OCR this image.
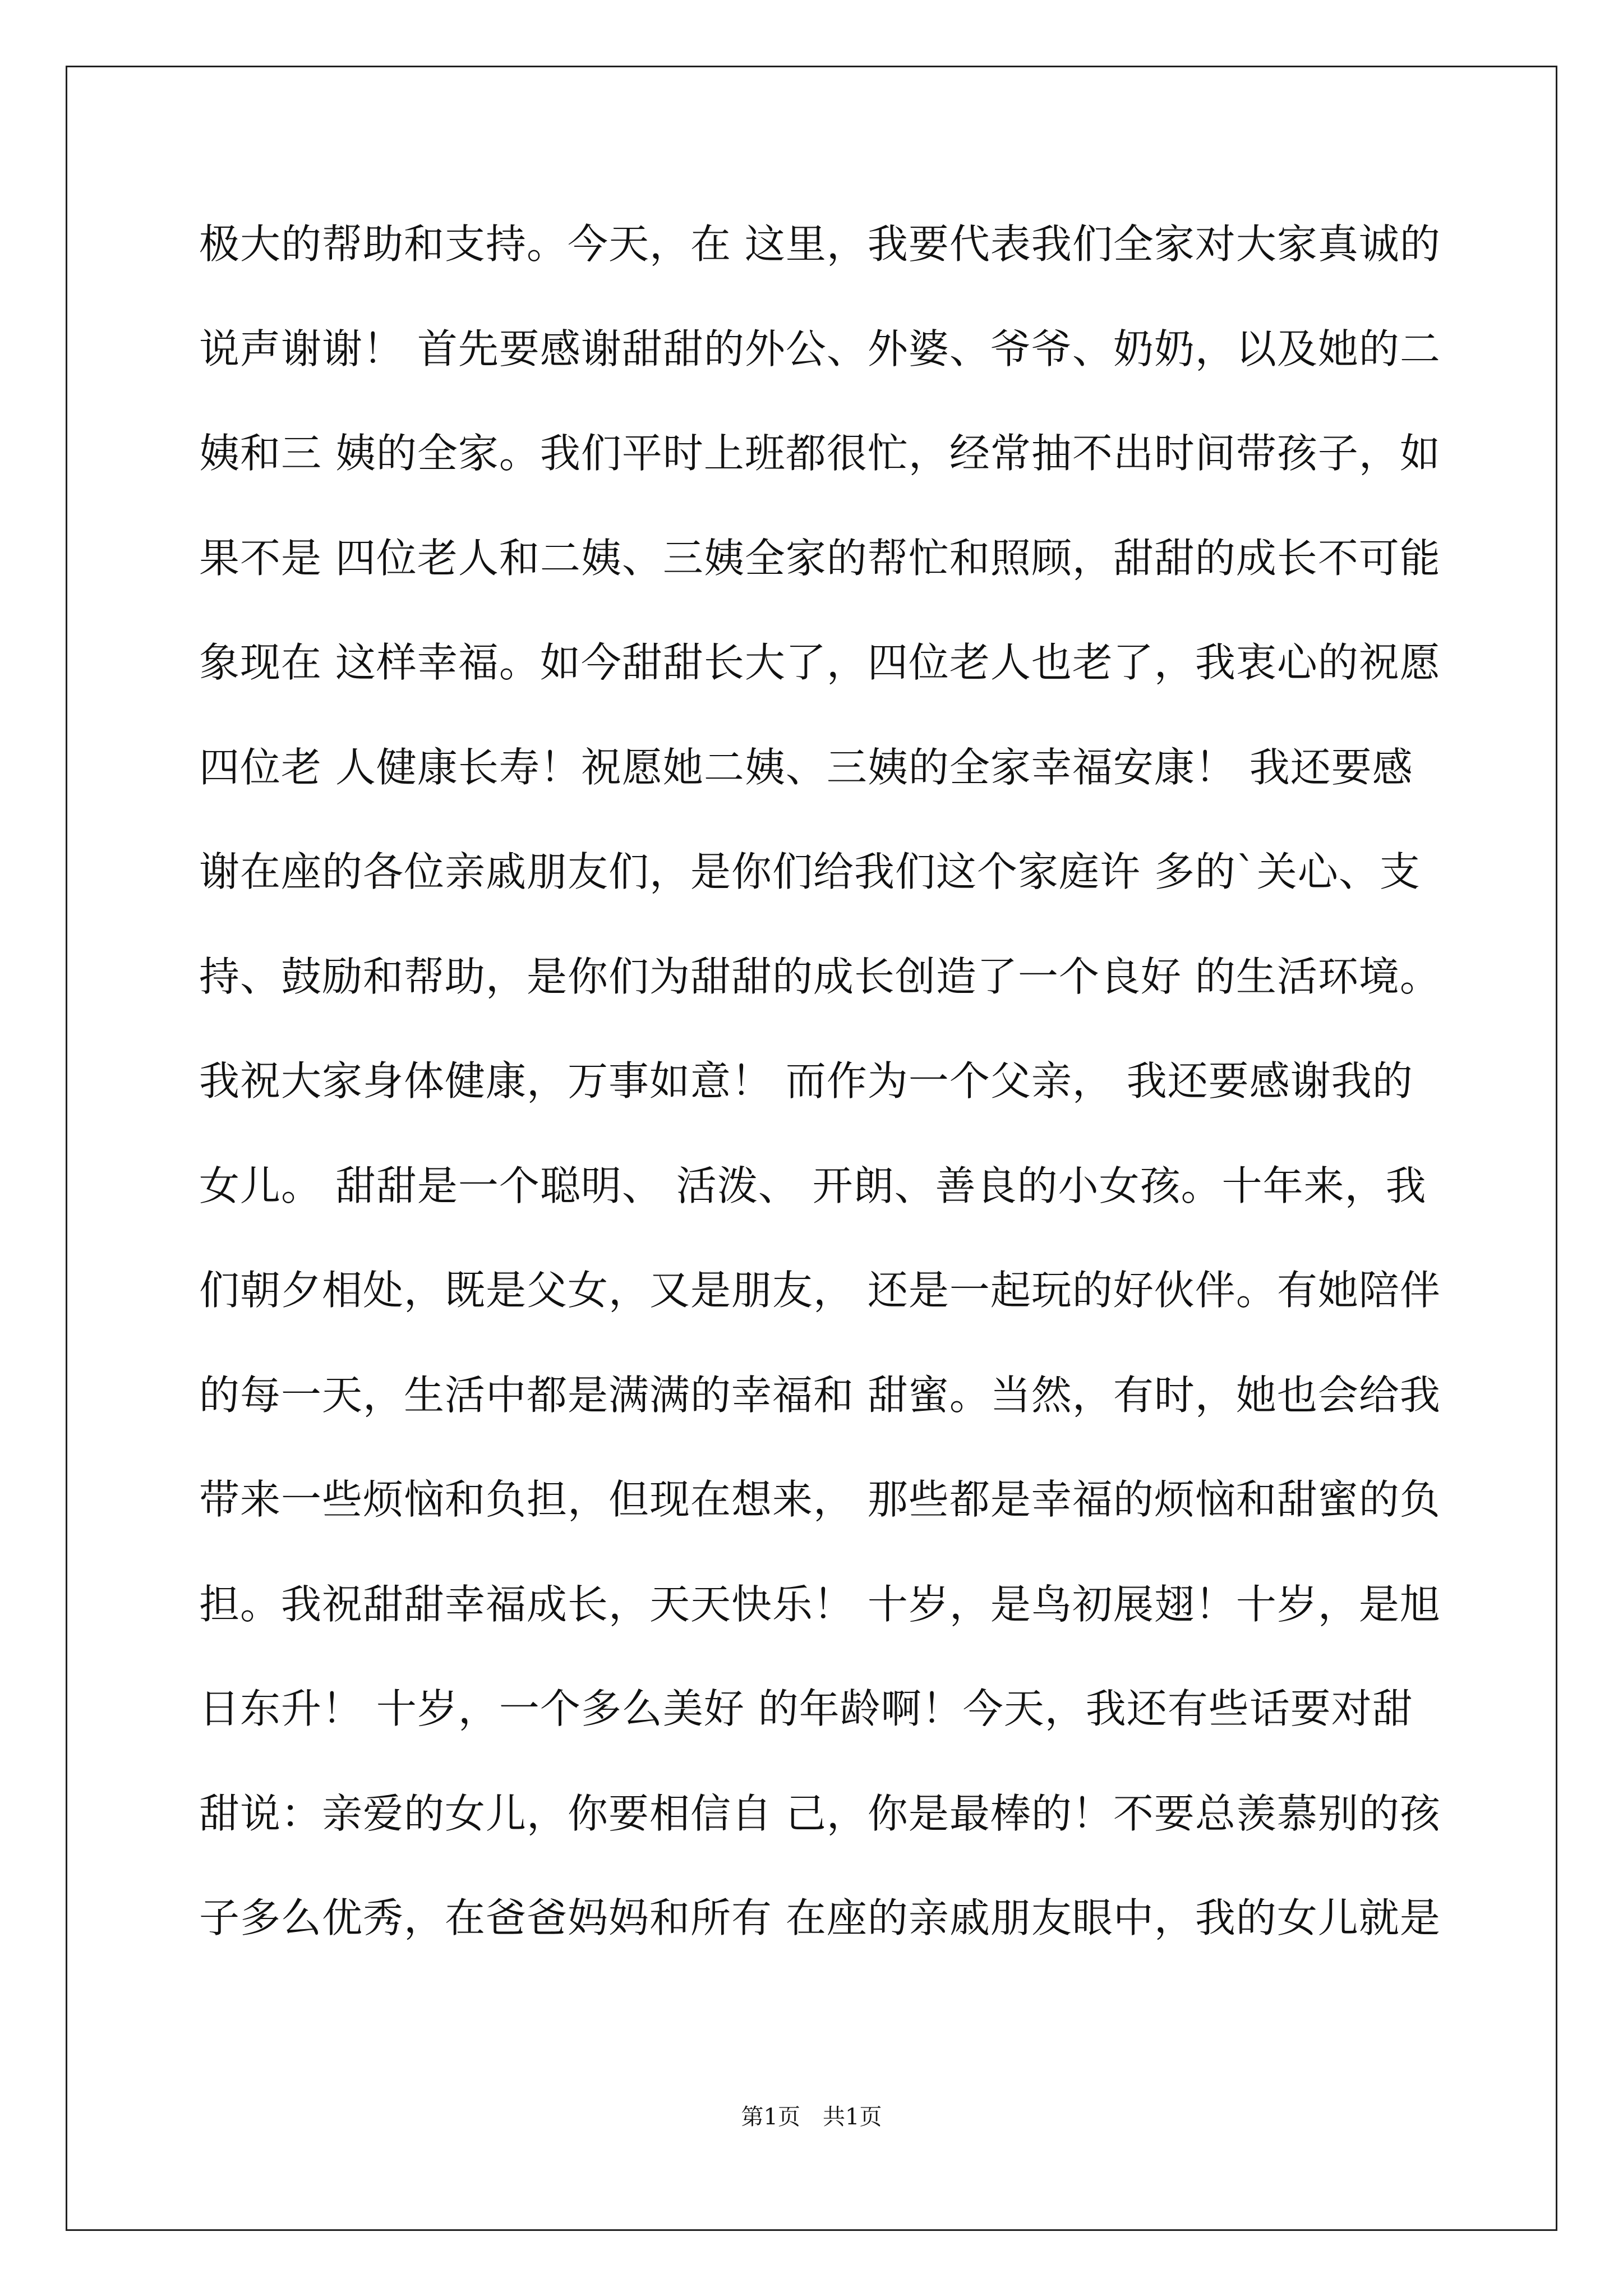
极大的帮助和支持。今天，在 这里，我要代表我们全家对大家真诚的
说声谢谢！ 首先要感谢甜甜的外公、外婆、爷爷、奶奶，以及她的二
姨和三 姨的全家。我们平时上班都很忙，经常抽不出时间带孩子，如
果不是 四位老人和二姨、三姨全家的帮忙和照顾，甜甜的成长不可能
象现在 这样幸福。如今甜甜长大了，四位老人也老了，我衷心的祝愿
四位老 人健康长寿！祝愿她二姨、三姨的全家幸福安康！ 我还要感
谢在座的各位亲戚朋友们，是你们给我们这个家庭许 多的`关心、支
持、鼓励和帮助，是你们为甜甜的成长创造了一个良好 的生活环境。
我祝大家身体健康，万事如意！ 而作为一个父亲， 我还要感谢我的
女儿。 甜甜是一个聪明、 活泼、 开朗、善良的小女孩。十年来，我
们朝夕相处，既是父女，又是朋友， 还是一起玩的好伙伴。有她陪伴
的每一天，生活中都是满满的幸福和 甜蜜。当然，有时，她也会给我
带来一些烦恼和负担，但现在想来， 那些都是幸福的烦恼和甜蜜的负
担。我祝甜甜幸福成长，天天快乐！ 十岁，是鸟初展翅！十岁，是旭
日东升！ 十岁，一个多么美好 的年龄啊！今天，我还有些话要对甜
甜说：亲爱的女儿，你要相信自 己，你是最棒的！不要总羡慕别的孩
子多么优秀，在爸爸妈妈和所有 在座的亲戚朋友眼中，我的女儿就是
第1页　共1页
